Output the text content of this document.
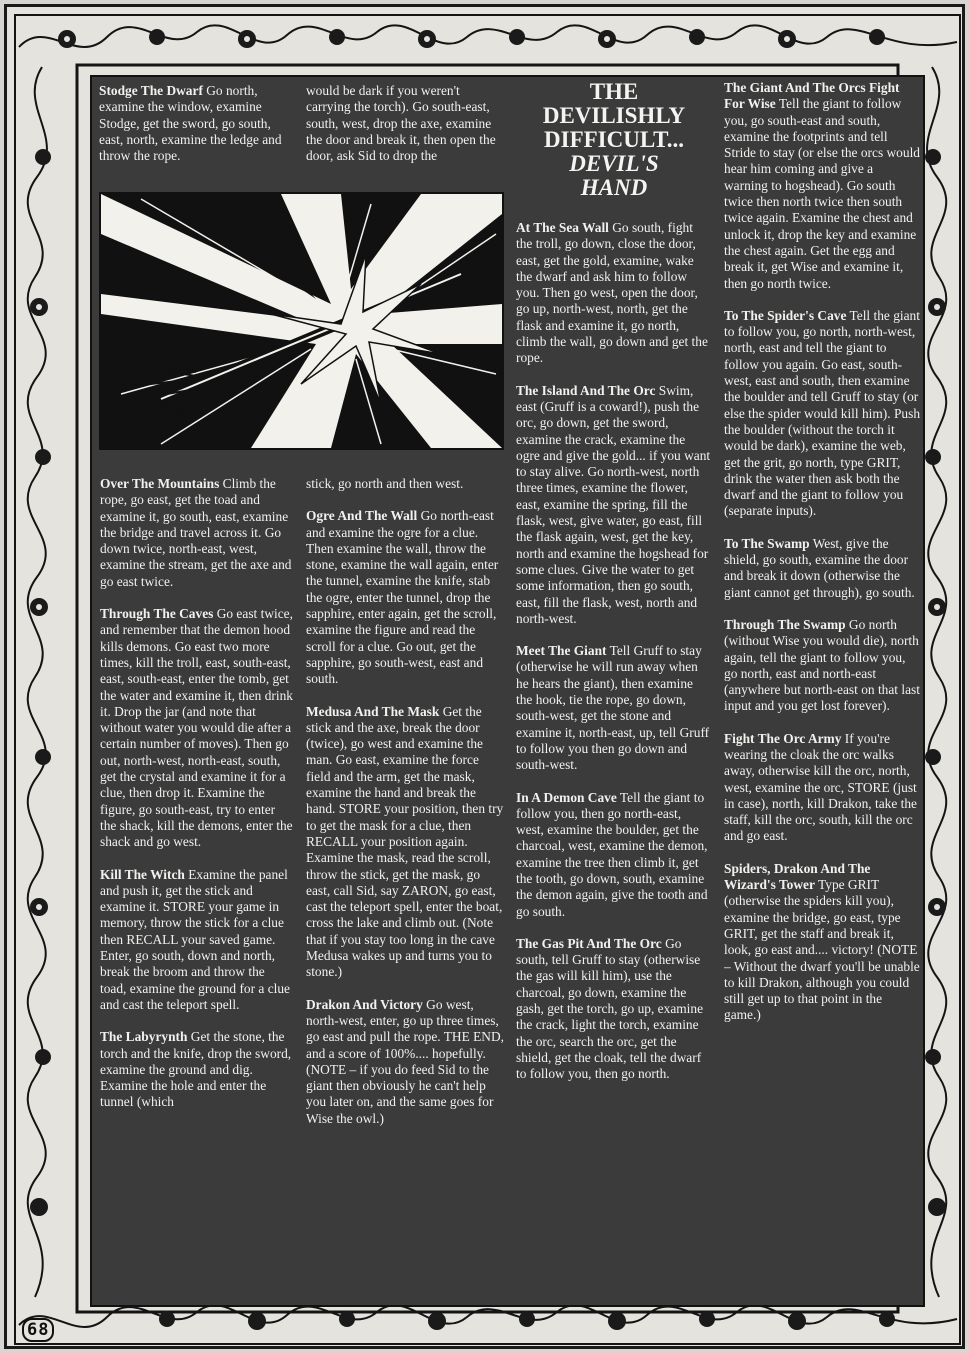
Stodge The Dwarf Go north, examine the window, examine Stodge, get the sword, go south, east, north, examine the ledge and throw the rope.

would be dark if you weren't carrying the torch). Go south-east, south, west, drop the axe, examine the door and break it, then open the door, ask Sid to drop the

Over The Mountains Climb the rope, go east, get the toad and examine it, go south, east, examine the bridge and travel across it. Go down twice, north-east, west, examine the stream, get the axe and go east twice.

Through The Caves Go east twice, and remember that the demon hood kills demons. Go east two more times, kill the troll, east, south-east, east, south-east, enter the tomb, get the water and examine it, then drink it. Drop the jar (and note that without water you would die after a certain number of moves). Then go out, north-west, north-east, south, get the crystal and examine it for a clue, then drop it. Examine the figure, go south-east, try to enter the shack, kill the demons, enter the shack and go west.

Kill The Witch Examine the panel and push it, get the stick and examine it. STORE your game in memory, throw the stick for a clue then RECALL your saved game. Enter, go south, down and north, break the broom and throw the toad, examine the ground for a clue and cast the teleport spell.

The Labyrynth Get the stone, the torch and the knife, drop the sword, examine the ground and dig. Examine the hole and enter the tunnel (which

stick, go north and then west.

Ogre And The Wall Go north-east and examine the ogre for a clue. Then examine the wall, throw the stone, examine the wall again, enter the tunnel, examine the knife, stab the ogre, enter the tunnel, drop the sapphire, enter again, get the scroll, examine the figure and read the scroll for a clue. Go out, get the sapphire, go south-west, east and south.

Medusa And The Mask Get the stick and the axe, break the door (twice), go west and examine the man. Go east, examine the force field and the arm, get the mask, examine the hand and break the hand. STORE your position, then try to get the mask for a clue, then RECALL your position again. Examine the mask, read the scroll, throw the stick, get the mask, go east, call Sid, say ZARON, go east, cast the teleport spell, enter the boat, cross the lake and climb out. (Note that if you stay too long in the cave Medusa wakes up and turns you to stone.)

Drakon And Victory Go west, north-west, enter, go up three times, go east and pull the rope. THE END, and a score of 100%.... hopefully. (NOTE – if you do feed Sid to the giant then obviously he can't help you later on, and the same goes for Wise the owl.)

THE
DEVILISHLY
DIFFICULT...
DEVIL'S
HAND

At The Sea Wall Go south, fight the troll, go down, close the door, east, get the gold, examine, wake the dwarf and ask him to follow you. Then go west, open the door, go up, north-west, north, get the flask and examine it, go north, climb the wall, go down and get the rope.

The Island And The Orc Swim, east (Gruff is a coward!), push the orc, go down, get the sword, examine the crack, examine the ogre and give the gold... if you want to stay alive. Go north-west, north three times, examine the flower, east, examine the spring, fill the flask, west, give water, go east, fill the flask again, west, get the key, north and examine the hogshead for some clues. Give the water to get some information, then go south, east, fill the flask, west, north and north-west.

Meet The Giant Tell Gruff to stay (otherwise he will run away when he hears the giant), then examine the hook, tie the rope, go down, south-west, get the stone and examine it, north-east, up, tell Gruff to follow you then go down and south-west.

In A Demon Cave Tell the giant to follow you, then go north-east, west, examine the boulder, get the charcoal, west, examine the demon, examine the tree then climb it, get the tooth, go down, south, examine the demon again, give the tooth and go south.

The Gas Pit And The Orc Go south, tell Gruff to stay (otherwise the gas will kill him), use the charcoal, go down, examine the gash, get the torch, go up, examine the crack, light the torch, examine the orc, search the orc, get the shield, get the cloak, tell the dwarf to follow you, then go north.

The Giant And The Orcs Fight For Wise Tell the giant to follow you, go south-east and south, examine the footprints and tell Stride to stay (or else the orcs would hear him coming and give a warning to hogshead). Go south twice then north twice then south twice again. Examine the chest and unlock it, drop the key and examine the chest again. Get the egg and break it, get Wise and examine it, then go north twice.

To The Spider's Cave Tell the giant to follow you, go north, north-west, north, east and tell the giant to follow you again. Go east, south-west, east and south, then examine the boulder and tell Gruff to stay (or else the spider would kill him). Push the boulder (without the torch it would be dark), examine the web, get the grit, go north, type GRIT, drink the water then ask both the dwarf and the giant to follow you (separate inputs).

To The Swamp West, give the shield, go south, examine the door and break it down (otherwise the giant cannot get through), go south.

Through The Swamp Go north (without Wise you would die), north again, tell the giant to follow you, go north, east and north-east (anywhere but north-east on that last input and you get lost forever).

Fight The Orc Army If you're wearing the cloak the orc walks away, otherwise kill the orc, north, west, examine the orc, STORE (just in case), north, kill Drakon, take the staff, kill the orc, south, kill the orc and go east.

Spiders, Drakon And The Wizard's Tower Type GRIT (otherwise the spiders kill you), examine the bridge, go east, type GRIT, get the staff and break it, look, go east and.... victory! (NOTE – Without the dwarf you'll be unable to kill Drakon, although you could still get up to that point in the game.)

68
